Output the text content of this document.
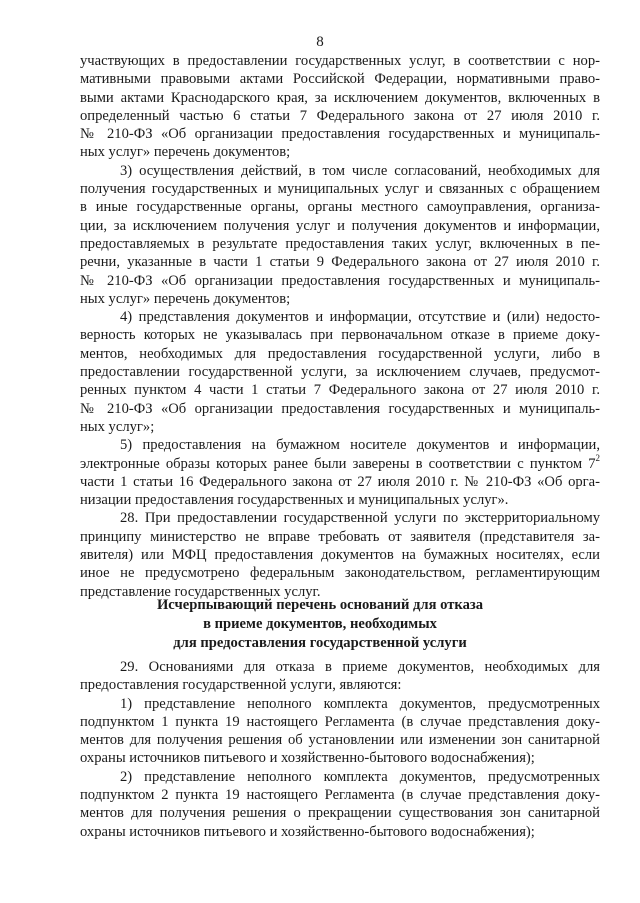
8
участвующих в предоставлении государственных услуг, в соответствии с нор-
мативными правовыми актами Российской Федерации, нормативными право-
выми актами Краснодарского края, за исключением документов, включенных в
определенный частью 6 статьи 7 Федерального закона от 27 июля 2010 г.
№ 210-ФЗ «Об организации предоставления государственных и муниципаль-
ных услуг» перечень документов;
3) осуществления действий, в том числе согласований, необходимых для
получения государственных и муниципальных услуг и связанных с обращением
в иные государственные органы, органы местного самоуправления, организа-
ции, за исключением получения услуг и получения документов и информации,
предоставляемых в результате предоставления таких услуг, включенных в пе-
речни, указанные в части 1 статьи 9 Федерального закона от 27 июля 2010 г.
№ 210-ФЗ «Об организации предоставления государственных и муниципаль-
ных услуг» перечень документов;
4) представления документов и информации, отсутствие и (или) недосто-
верность которых не указывалась при первоначальном отказе в приеме доку-
ментов, необходимых для предоставления государственной услуги, либо в
предоставлении государственной услуги, за исключением случаев, предусмот-
ренных пунктом 4 части 1 статьи 7 Федерального закона от 27 июля 2010 г.
№ 210-ФЗ «Об организации предоставления государственных и муниципаль-
ных услуг»;
5) предоставления на бумажном носителе документов и информации,
электронные образы которых ранее были заверены в соответствии с пунктом 7$^2$
части 1 статьи 16 Федерального закона от 27 июля 2010 г. № 210-ФЗ «Об орга-
низации предоставления государственных и муниципальных услуг».
28. При предоставлении государственной услуги по экстерриториальному
принципу министерство не вправе требовать от заявителя (представителя за-
явителя) или МФЦ предоставления документов на бумажных носителях, если
иное не предусмотрено федеральным законодательством, регламентирующим
представление государственных услуг.
Исчерпывающий перечень оснований для отказа
в приеме документов, необходимых
для предоставления государственной услуги
29. Основаниями для отказа в приеме документов, необходимых для
предоставления государственной услуги, являются:
1) представление неполного комплекта документов, предусмотренных
подпунктом 1 пункта 19 настоящего Регламента (в случае представления доку-
ментов для получения решения об установлении или изменении зон санитарной
охраны источников питьевого и хозяйственно-бытового водоснабжения);
2) представление неполного комплекта документов, предусмотренных
подпунктом 2 пункта 19 настоящего Регламента (в случае представления доку-
ментов для получения решения о прекращении существования зон санитарной
охраны источников питьевого и хозяйственно-бытового водоснабжения);
